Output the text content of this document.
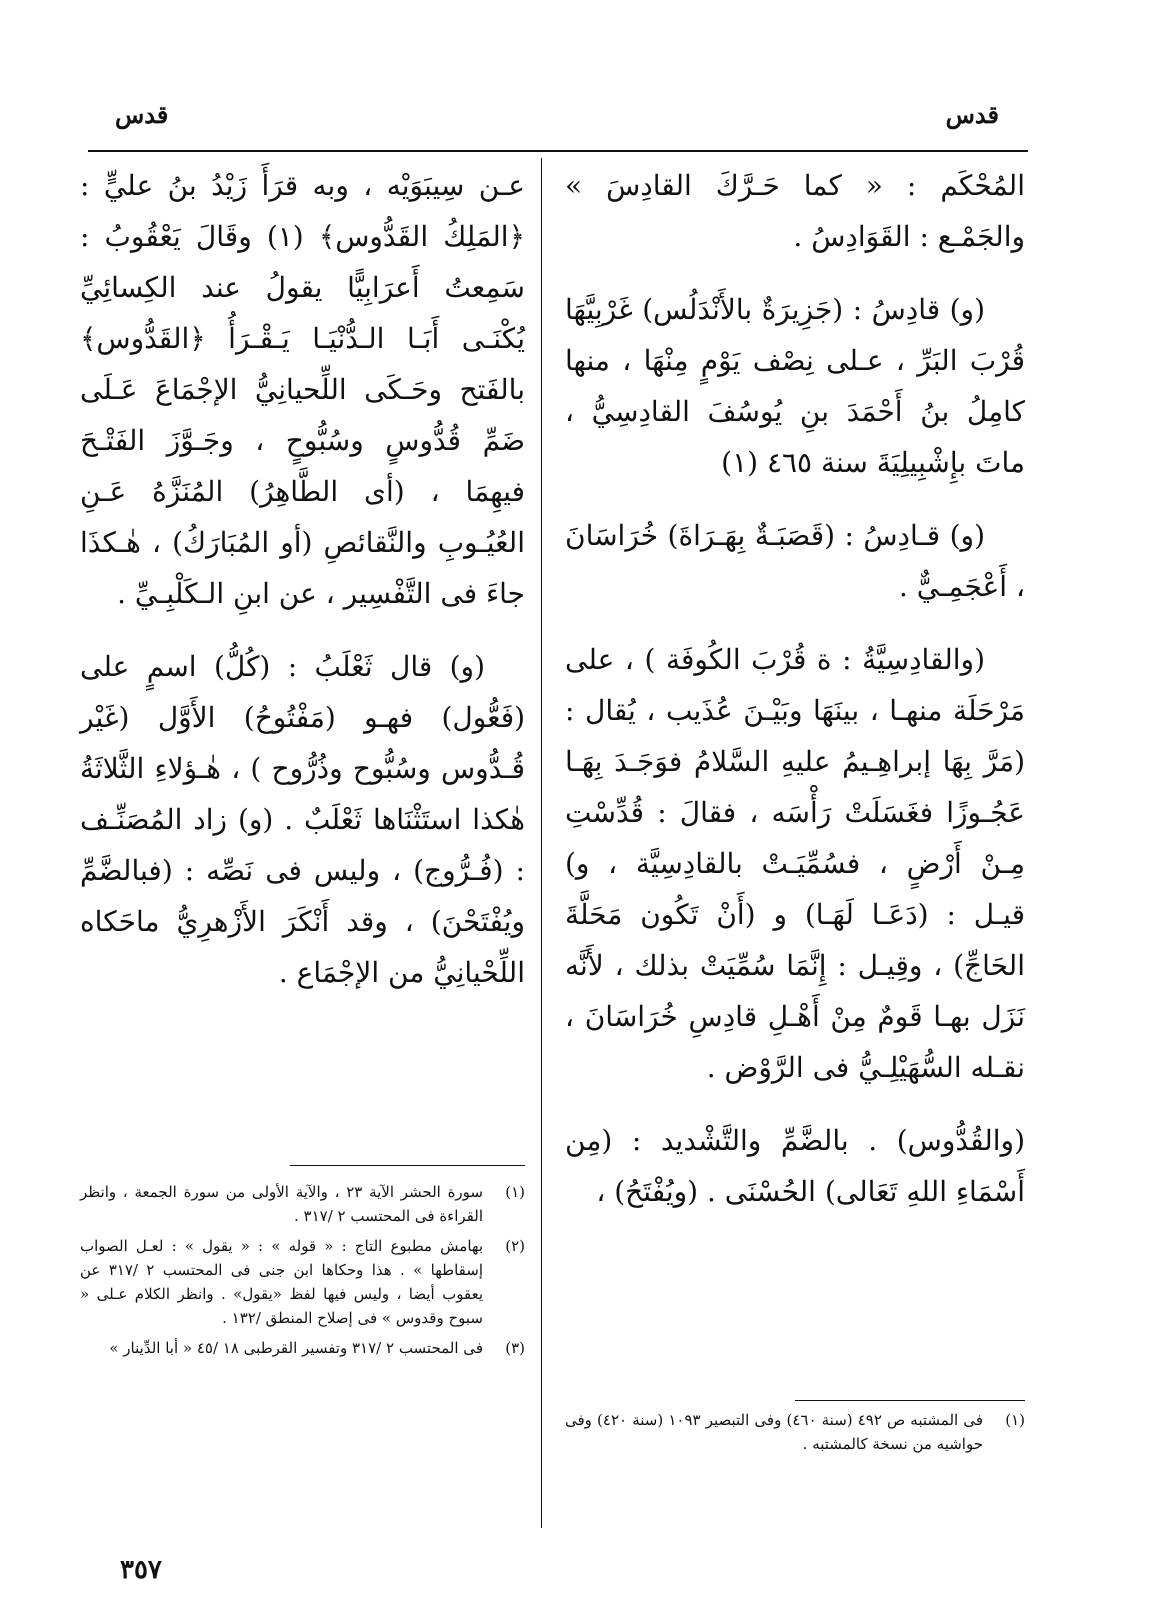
قدس
قدس

المُحْكَم : « كما حَـرَّكَ القادِسَ » والجَمْـع : القَوَادِسُ .

(و) قادِسُ : (جَزِيرَةٌ بالأَنْدَلُس) غَرْبِيَّهَا قُرْبَ البَرِّ ، عـلى نِصْف يَوْمٍ مِنْهَا ، منها كامِلُ بنُ أَحْمَدَ بنِ يُوسُفَ القادِسِيُّ ، ماتَ بإِشْبِيلِيَةَ سنة ٤٦٥ (١)

(و) قـادِسُ : (قَصَبَـةٌ بِهَـرَاةَ) خُرَاسَانَ ، أَعْجَمِـيٌّ .

(والقادِسِيَّةُ : ة قُرْبَ الكُوفَة ) ، على مَرْحَلَة منهـا ، بينَهَا وبَيْـنَ عُذَيب ، يُقال : (مَرَّ بِهَا إبراهِـيمُ عليهِ السَّلامُ فوَجَـدَ بِهَـا عَجُـوزًا فغَسَلَتْ رَأْسَه ، فقالَ : قُدِّسْتِ مِـنْ أَرْضٍ ، فسُمِّيَـتْ بالقادِسِيَّة ، و) قيـل : (دَعَـا لَهَـا) و (أَنْ تَكُون مَحَلَّةَ الحَاجِّ) ، وقِيـل : إِنَّمَا سُمِّيَتْ بذلك ، لأَنَّه نَزَل بهـا قَومٌ مِنْ أَهْـلِ قادِسِ خُرَاسَانَ ، نقـله السُّهَيْلِـيُّ فى الرَّوْض .

(والقُدُّوس) . بالضَّمِّ والتَّشْديد : (مِن أَسْمَاءِ اللهِ تَعَالى) الحُسْنَى . (ويُفْتَحُ) ،

عـن سِيبَوَيْه ، وبه قرَأَ زَيْدُ بنُ عليٍّ : ﴿المَلِكُ القَدُّوس﴾ (١) وقَالَ يَعْقُوبُ : سَمِعتُ أَعرَابِيًّا يقولُ عند الكِسائِيِّ يُكْنَـى أَبَـا الـدُّنْيَـا يَـقْـرَأُ ﴿القَدُّوس﴾ بالفَتح وحَـكَى اللِّحيانِيُّ الإجْمَاعَ عَـلَى ضَمِّ قُدُّوسٍ وسُبُّوحٍ ، وجَـوَّزَ الفَتْـحَ فيهِمَا ، (أى الطَّاهِرُ) المُنَزَّهُ عَـنِ العُيُـوبِ والنَّقائصِ (أو المُبَارَكُ) ، هٰـكذَا جاءَ فى التَّفْسِير ، عن ابنِ الـكَلْبِـيِّ .

(و) قال ثَعْلَبُ : (كُلُّ) اسمٍ على (فَعُّول) فهـو (مَفْتُوحُ) الأَوَّل (غَيْر قُـدُّوس وسُبُّوح وذُرُّوح ) ، هٰـؤلاءِ الثَّلاثَةُ هٰكذا استَثْنَاها ثَعْلَبٌ . (و) زاد المُصَنِّـف : (فُـرُّوج) ، وليس فى نَصِّه : (فبالضَّمِّ ويُفْتَحْنَ) ، وقد أَنْكَرَ الأَزْهرِيُّ ماحَكاه اللِّحْيانِيُّ من الإجْمَاع .

(١)
سورة الحشر الآية ٢٣ ، والآية الأولى من سورة الجمعة ، وانظر القراءة فى المحتسب ٢ /٣١٧ .
(٢)
بهامش مطبوع التاج : « قوله » : « يقول » : لعـل الصواب إسقاطها » . هذا وحكاها ابن جنى فى المحتسب ٢ /٣١٧ عن يعقوب أيضا ، وليس فيها لفظ «يقول» . وانظر الكلام عـلى « سبوح وقدوس » فى إصلاح المنطق /١٣٢ .
(٣)
فى المحتسب ٢ /٣١٧ وتفسير القرطبى ١٨ /٤٥ « أبا الدِّينار »
(١)
فى المشتبه ص ٤٩٢ (سنة ٤٦٠) وفى التبصير ١٠٩٣ (سنة ٤٢٠) وفى حواشيه من نسخة كالمشتبه .
٣٥٧
